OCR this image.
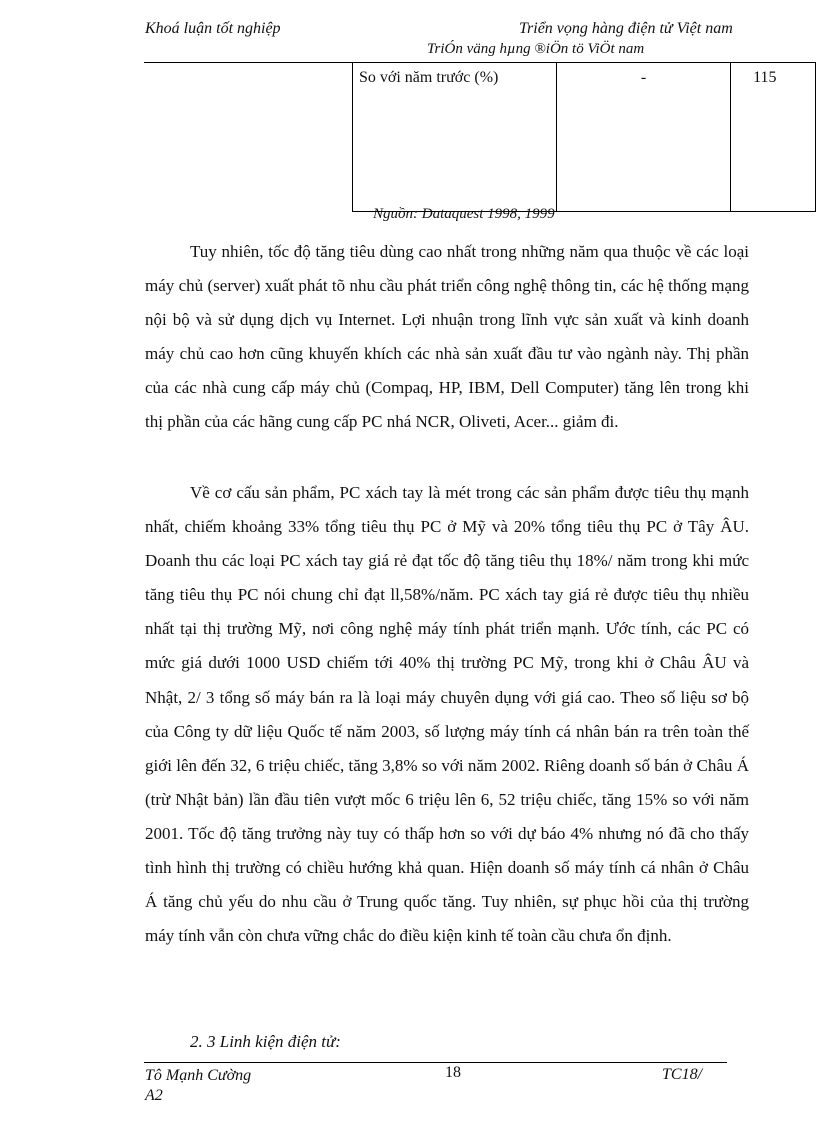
Khoá luận tốt nghiệp	Triển vọng hàng điện tử Việt nam
TriÓn väng hµng ®iÖn tö ViÖt nam
So với năm trước (%)	-	115
Nguồn: Dataquest 1998, 1999

Tuy nhiên, tốc độ tăng tiêu dùng cao nhất trong những năm qua thuộc về các loại máy chủ (server) xuất phát tõ nhu cầu phát triển công nghệ thông tin, các hệ thống mạng nội bộ và sử dụng dịch vụ Internet. Lợi nhuận trong lĩnh vực sản xuất và kinh doanh máy chủ cao hơn cũng khuyến khích các nhà sản xuất đầu tư vào ngành này. Thị phần của các nhà cung cấp máy chủ (Compaq, HP, IBM, Dell Computer) tăng lên trong khi thị phần của các hãng cung cấp PC nhá NCR, Oliveti, Acer... giảm đi.

Về cơ cấu sản phẩm, PC xách tay là mét trong các sản phẩm được tiêu thụ mạnh nhất, chiếm khoảng 33% tổng tiêu thụ PC ở Mỹ và 20% tổng tiêu thụ PC ở Tây ÂU. Doanh thu các loại PC xách tay giá rẻ đạt tốc độ tăng tiêu thụ 18%/ năm trong khi mức tăng tiêu thụ PC nói chung chỉ đạt ll,58%/năm. PC xách tay giá rẻ được tiêu thụ nhiều nhất tại thị trường Mỹ, nơi công nghệ máy tính phát triển mạnh. Ước tính, các PC có mức giá dưới 1000 USD chiếm tới 40% thị trường PC Mỹ, trong khi ở Châu ÂU và Nhật, 2/ 3 tổng số máy bán ra là loại máy chuyên dụng với giá cao. Theo số liệu sơ bộ của Công ty dữ liệu Quốc tế năm 2003, số lượng máy tính cá nhân bán ra trên toàn thế giới lên đến 32, 6 triệu chiếc, tăng 3,8% so với năm 2002. Riêng doanh số bán ở Châu Á (trừ Nhật bản) lần đầu tiên vượt mốc 6 triệu lên 6, 52 triệu chiếc, tăng 15% so với năm 2001. Tốc độ tăng trưởng này tuy có thấp hơn so với dự báo 4% nhưng nó đã cho thấy tình hình thị trường có chiều hướng khả quan. Hiện doanh số máy tính cá nhân ở Châu Á tăng chủ yếu do nhu cầu ở Trung quốc tăng. Tuy nhiên, sự phục hồi của thị trường máy tính vẫn còn chưa vững chắc do điều kiện kinh tế toàn cầu chưa ổn định.

2. 3 Linh kiện điện tử:
Tô Mạnh Cường
A2
18	TC18/
